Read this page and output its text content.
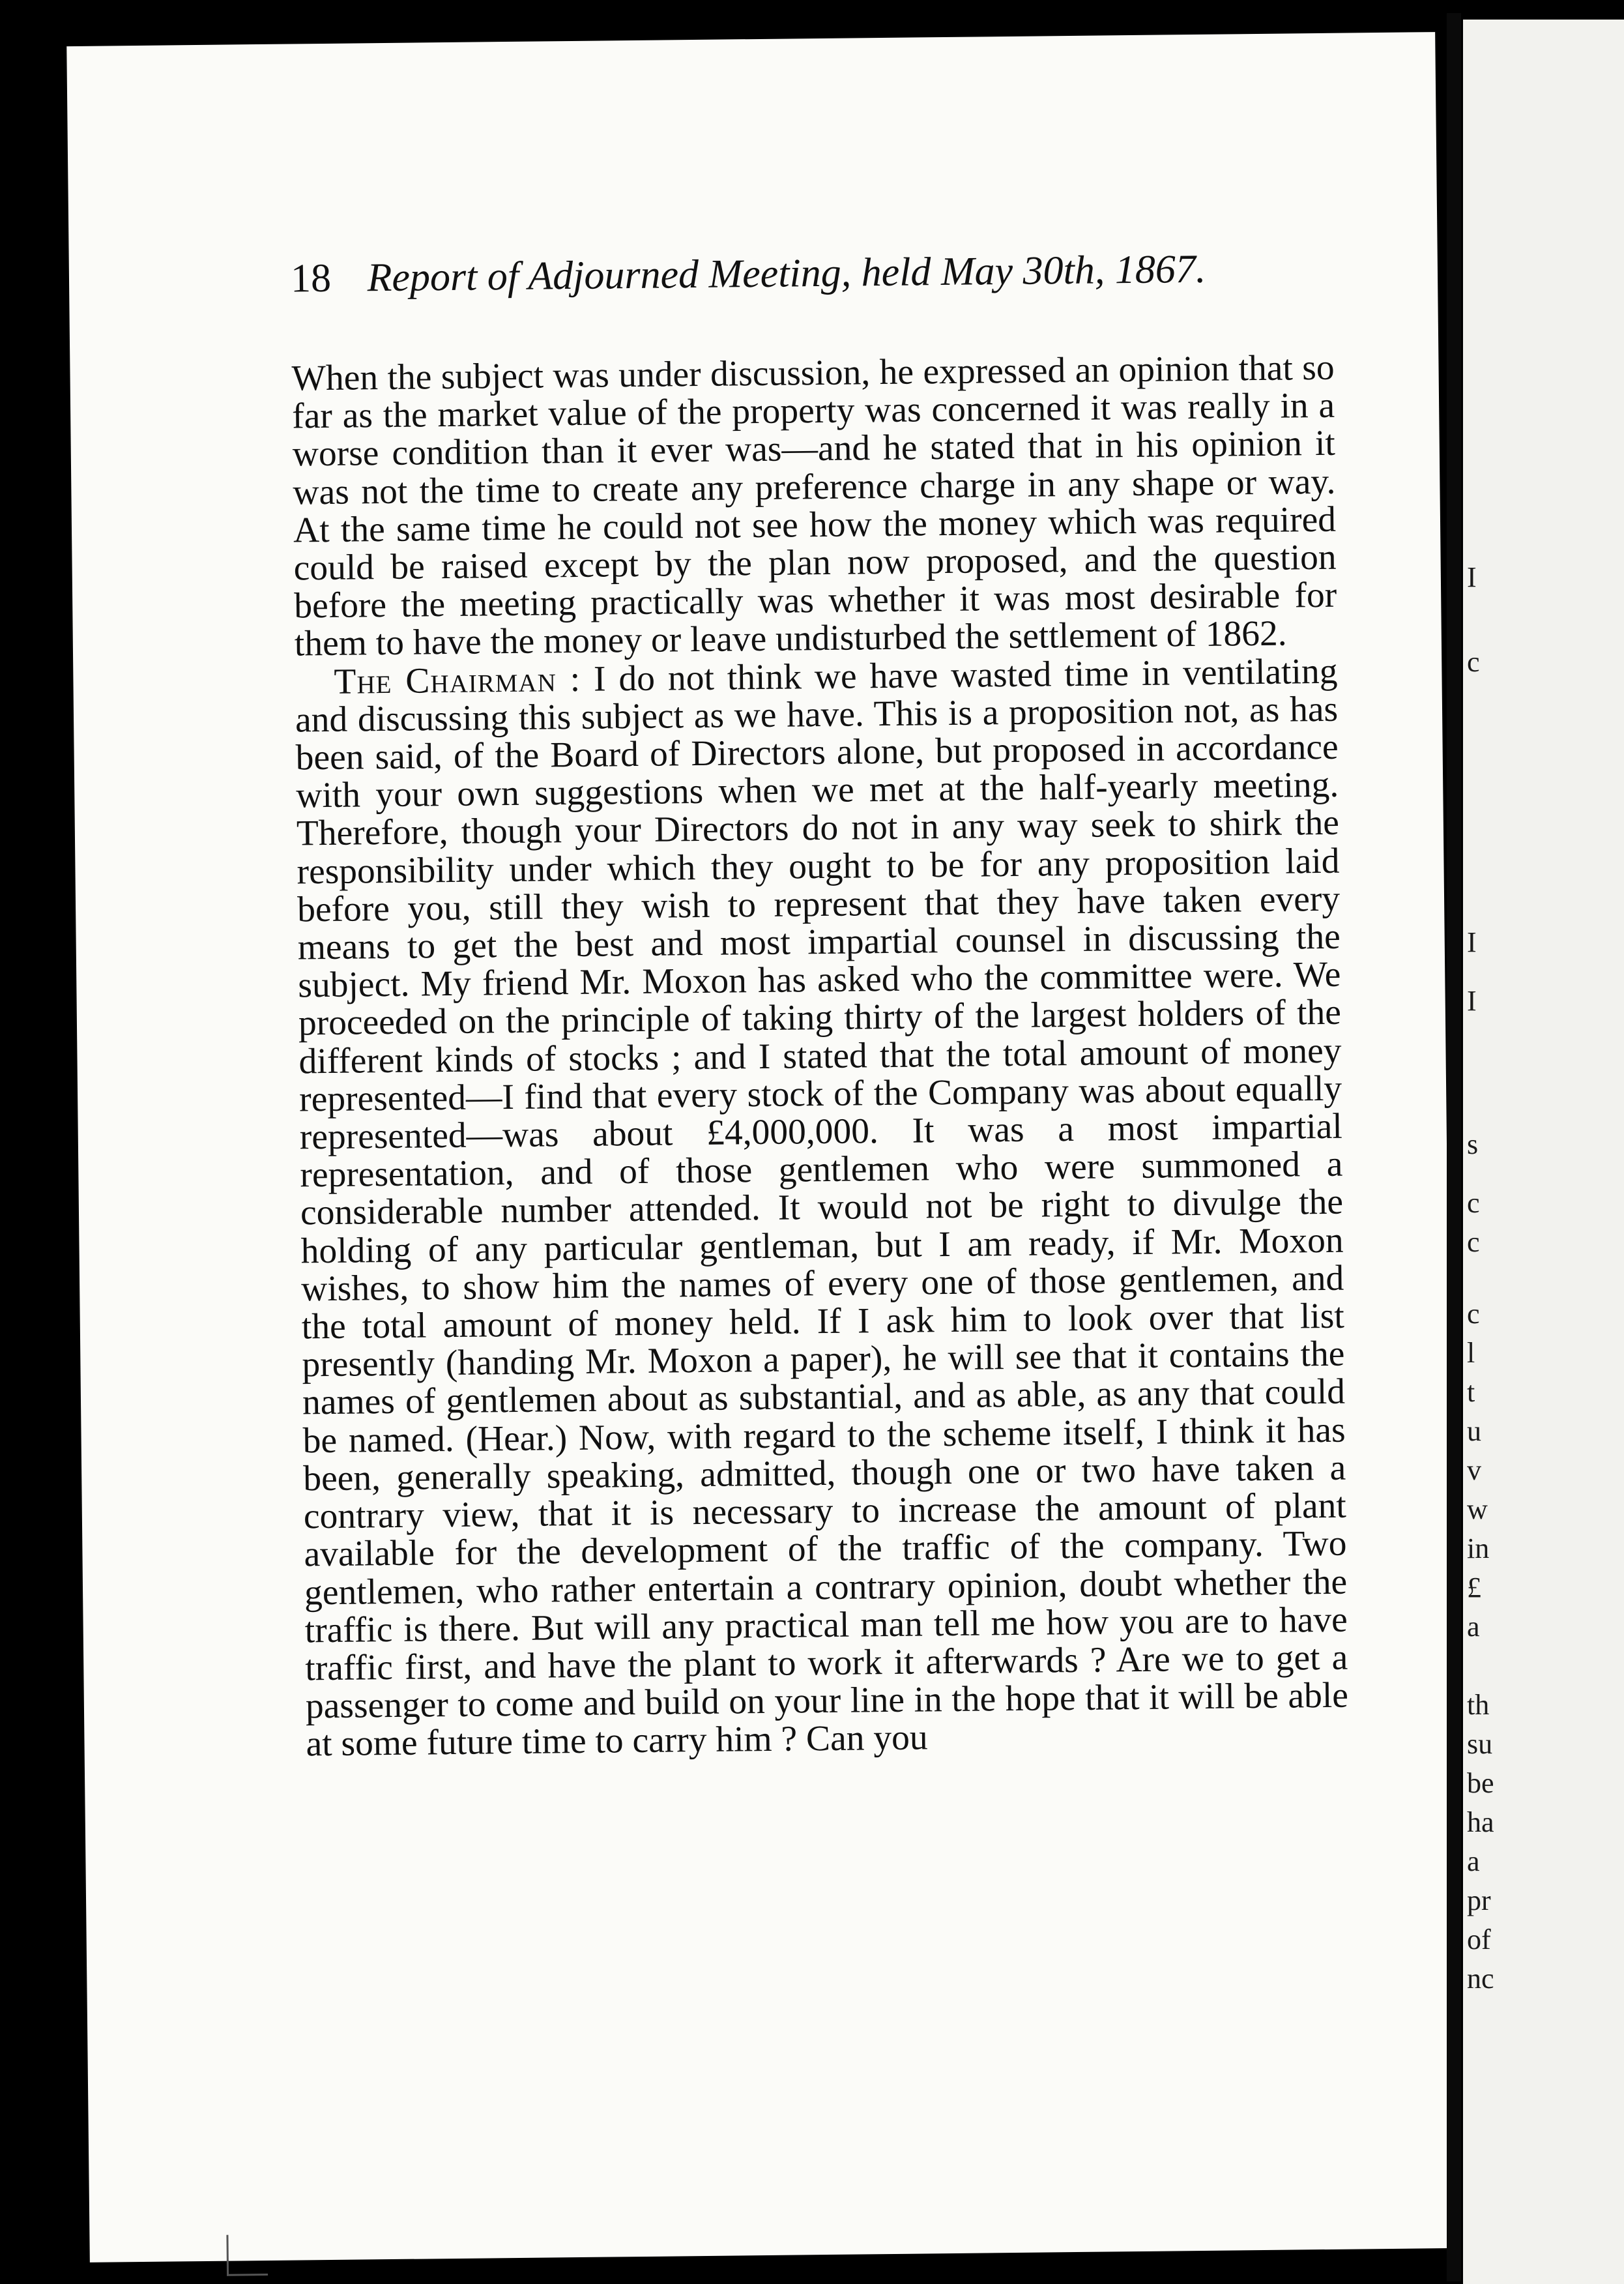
18 Report of Adjourned Meeting, held May 30th, 1867.

When the subject was under discussion, he expressed an opinion that so far as the market value of the property was concerned it was really in a worse condition than it ever was—and he stated that in his opinion it was not the time to create any preference charge in any shape or way. At the same time he could not see how the money which was required could be raised except by the plan now proposed, and the question before the meeting practically was whether it was most desirable for them to have the money or leave undisturbed the settlement of 1862.

The Chairman : I do not think we have wasted time in ventilating and discussing this subject as we have. This is a proposition not, as has been said, of the Board of Directors alone, but proposed in accordance with your own suggestions when we met at the half-yearly meeting. Therefore, though your Directors do not in any way seek to shirk the responsibility under which they ought to be for any proposition laid before you, still they wish to represent that they have taken every means to get the best and most impartial counsel in discussing the subject. My friend Mr. Moxon has asked who the committee were. We proceeded on the principle of taking thirty of the largest holders of the different kinds of stocks ; and I stated that the total amount of money represented—I find that every stock of the Company was about equally represented—was about £4,000,000. It was a most impartial representation, and of those gentlemen who were summoned a considerable number attended. It would not be right to divulge the holding of any particular gentleman, but I am ready, if Mr. Moxon wishes, to show him the names of every one of those gentlemen, and the total amount of money held. If I ask him to look over that list presently (handing Mr. Moxon a paper), he will see that it contains the names of gentlemen about as substantial, and as able, as any that could be named. (Hear.) Now, with regard to the scheme itself, I think it has been, generally speaking, admitted, though one or two have taken a contrary view, that it is necessary to increase the amount of plant available for the development of the traffic of the company. Two gentlemen, who rather entertain a contrary opinion, doubt whether the traffic is there. But will any practical man tell me how you are to have traffic first, and have the plant to work it afterwards ? Are we to get a passenger to come and build on your line in the hope that it will be able at some future time to carry him ? Can you

I

c

I

I

s

c

c

c

l

t

u

v

w

in

£

a

th

su

be

ha

a

pr

of

nc
